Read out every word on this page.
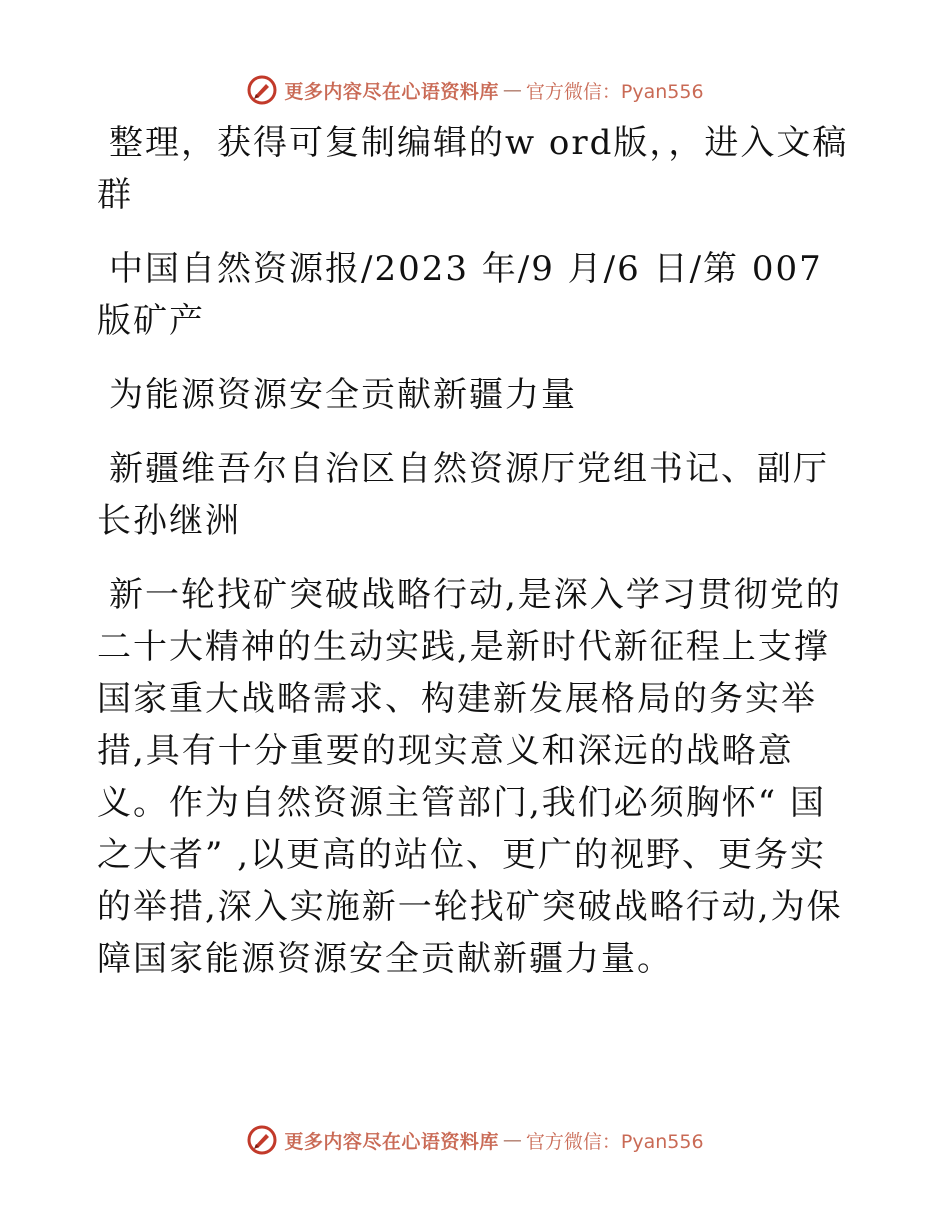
更多内容尽在心语资料库 — 官方微信：Pyan556

整理，获得可复制编辑的w ord版，，进入文稿群

中国自然资源报/2023 年/9 月/6 日/第 007 版矿产

为能源资源安全贡献新疆力量

新疆维吾尔自治区自然资源厅党组书记、副厅长孙继洲

新一轮找矿突破战略行动,是深入学习贯彻党的二十大精神的生动实践,是新时代新征程上支撑国家重大战略需求、构建新发展格局的务实举措,具有十分重要的现实意义和深远的战略意义。作为自然资源主管部门,我们必须胸怀“ 国之大者” ,以更高的站位、更广的视野、更务实的举措,深入实施新一轮找矿突破战略行动,为保障国家能源资源安全贡献新疆力量。

更多内容尽在心语资料库 — 官方微信：Pyan556
